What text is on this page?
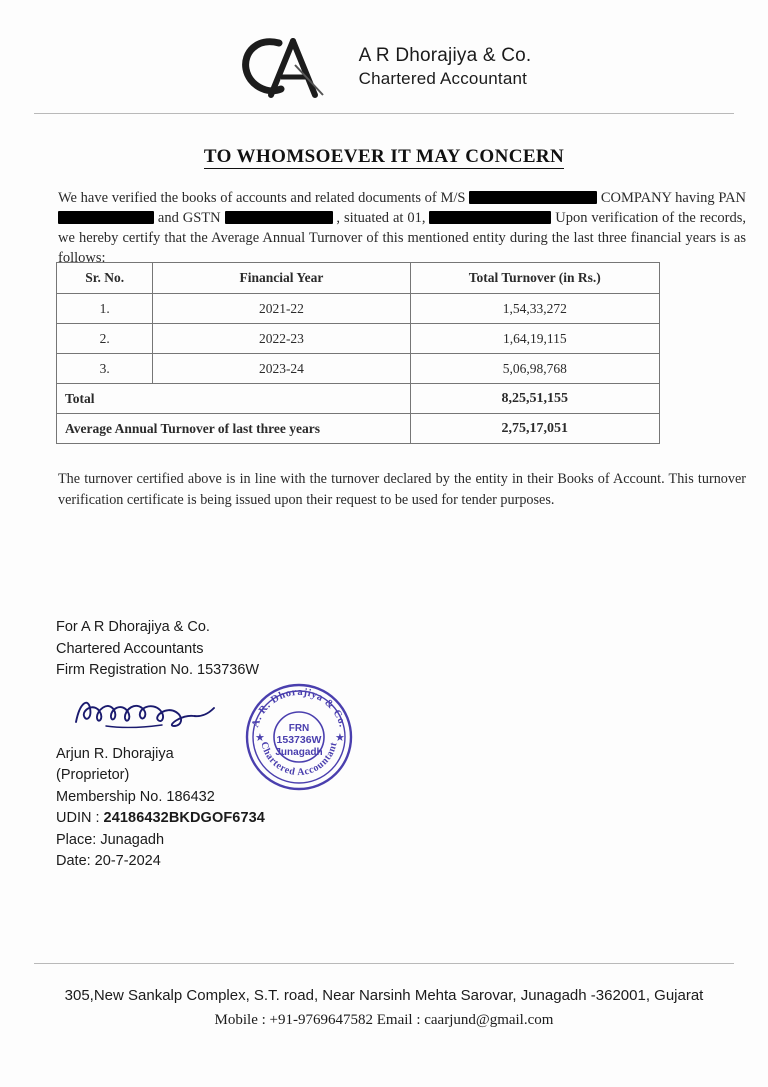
A R Dhorajiya & Co.
Chartered Accountant
TO WHOMSOEVER IT MAY CONCERN
We have verified the books of accounts and related documents of M/S	COMPANY having PAN  and GSTN	, situated at 01,	Upon verification of the records, we hereby certify that the Average Annual Turnover of this mentioned entity during the last three financial years is as follows:
Sr. No.	Financial Year	Total Turnover (in Rs.)
1.	2021-22	1,54,33,272
2.	2022-23	1,64,19,115
3.	2023-24	5,06,98,768
Total		8,25,51,155
Average Annual Turnover of last three years		2,75,17,051
The turnover certified above is in line with the turnover declared by the entity in their Books of Account. This turnover verification certificate is being issued upon their request to be used for tender purposes.
For A R Dhorajiya & Co.
Chartered Accountants
Firm Registration No. 153736W
Arjun R. Dhorajiya
(Proprietor)
Membership No. 186432
UDIN : 24186432BKDGOF6734
Place: Junagadh
Date: 20-7-2024
A. R. Dhorajiya & Co.
Chartered Accountant
FRN
153736W
Junagadh
★	★
305,New Sankalp Complex, S.T. road, Near Narsinh Mehta Sarovar, Junagadh -362001, Gujarat
Mobile : +91-9769647582 Email : caarjund@gmail.com
